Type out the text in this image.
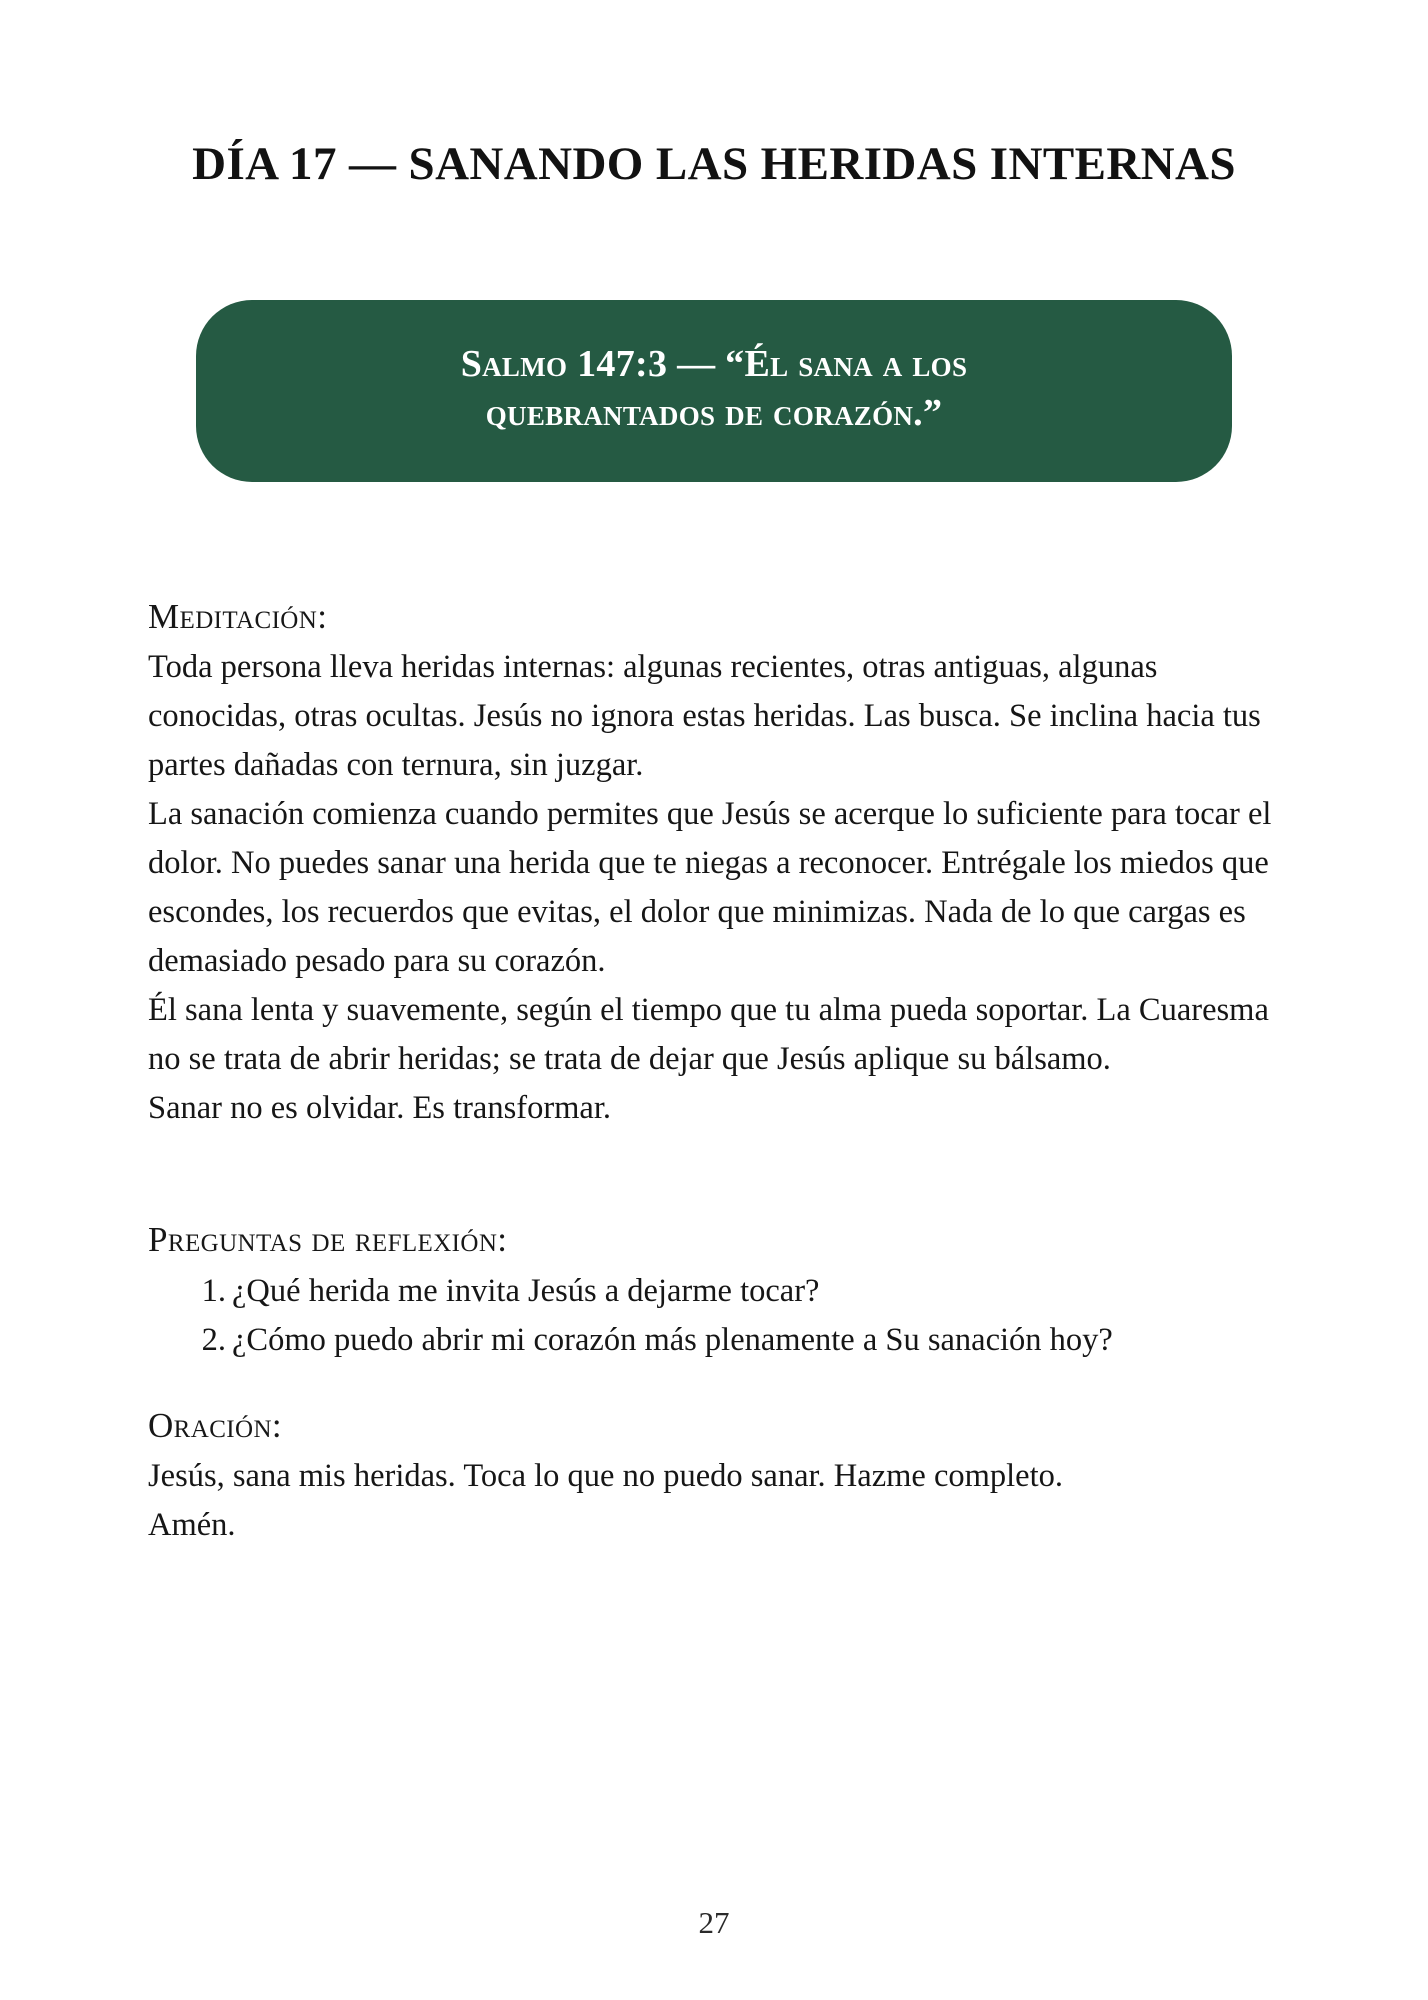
DÍA 17 — SANANDO LAS HERIDAS INTERNAS
Salmo 147:3 — “Él sana a los
quebrantados de corazón.”
Meditación:

Toda persona lleva heridas internas: algunas recientes, otras antiguas, algunas conocidas, otras ocultas. Jesús no ignora estas heridas. Las busca. Se inclina hacia tus partes dañadas con ternura, sin juzgar.

La sanación comienza cuando permites que Jesús se acerque lo suficiente para tocar el dolor. No puedes sanar una herida que te niegas a reconocer. Entrégale los miedos que escondes, los recuerdos que evitas, el dolor que minimizas. Nada de lo que cargas es demasiado pesado para su corazón.

Él sana lenta y suavemente, según el tiempo que tu alma pueda soportar. La Cuaresma no se trata de abrir heridas; se trata de dejar que Jesús aplique su bálsamo.

Sanar no es olvidar. Es transformar.

Preguntas de reflexión:
¿Qué herida me invita Jesús a dejarme tocar?
¿Cómo puedo abrir mi corazón más plenamente a Su sanación hoy?
Oración:

Jesús, sana mis heridas. Toca lo que no puedo sanar. Hazme completo.

Amén.

27
